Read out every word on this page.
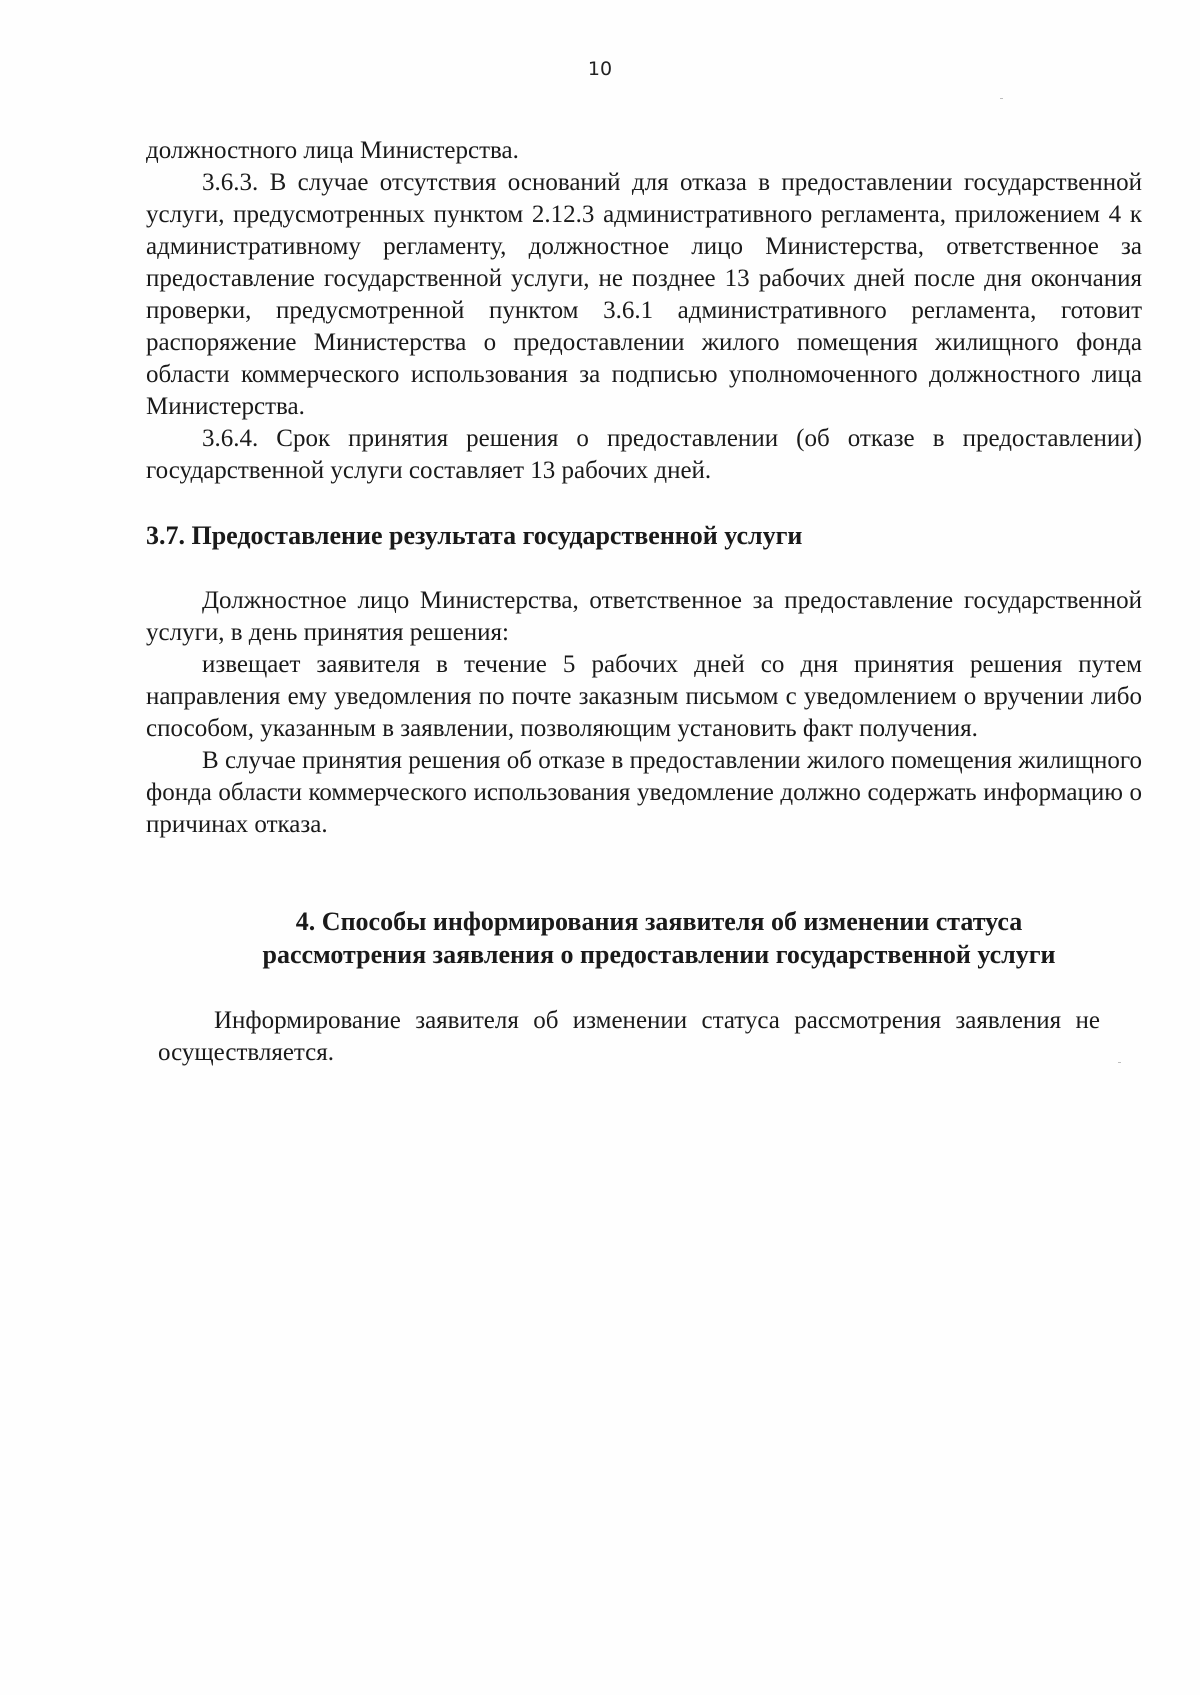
10

должностного лица Министерства.

3.6.3. В случае отсутствия оснований для отказа в предоставлении государственной услуги, предусмотренных пунктом 2.12.3 административного регламента, приложением 4 к административному регламенту, должностное лицо Министерства, ответственное за предоставление государственной услуги, не позднее 13 рабочих дней после дня окончания проверки, предусмотренной пунктом 3.6.1 административного регламента, готовит распоряжение Министерства о предоставлении жилого помещения жилищного фонда области коммерческого использования за подписью уполномоченного должностного лица Министерства.

3.6.4. Срок принятия решения о предоставлении (об отказе в предоставлении) государственной услуги составляет 13 рабочих дней.

3.7. Предоставление результата государственной услуги

Должностное лицо Министерства, ответственное за предоставление государственной услуги, в день принятия решения:

извещает заявителя в течение 5 рабочих дней со дня принятия решения путем направления ему уведомления по почте заказным письмом с уведомлением о вручении либо способом, указанным в заявлении, позволяющим установить факт получения.

В случае принятия решения об отказе в предоставлении жилого помещения жилищного фонда области коммерческого использования уведомление должно содержать информацию о причинах отказа.

4. Способы информирования заявителя об изменении статуса
рассмотрения заявления о предоставлении государственной услуги

Информирование заявителя об изменении статуса рассмотрения заявления не осуществляется.
